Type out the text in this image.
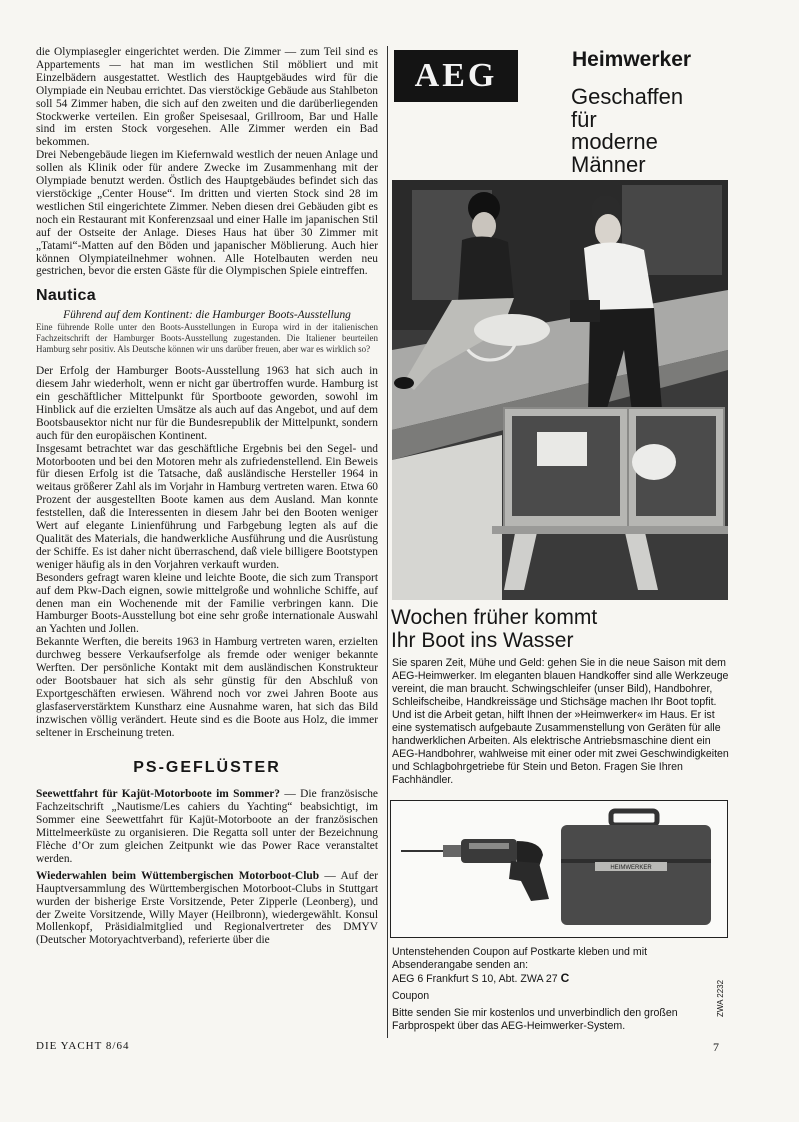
die Olympiasegler eingerichtet werden. Die Zimmer — zum Teil sind es Appartements — hat man im westlichen Stil möbliert und mit Einzelbädern ausgestattet. Westlich des Hauptgebäudes wird für die Olympiade ein Neubau errichtet. Das vierstöckige Gebäude aus Stahlbeton soll 54 Zimmer haben, die sich auf den zweiten und die darüberliegenden Stockwerke verteilen. Ein großer Speisesaal, Grillroom, Bar und Halle sind im ersten Stock vorgesehen. Alle Zimmer werden ein Bad bekommen.

Drei Nebengebäude liegen im Kiefernwald westlich der neuen Anlage und sollen als Klinik oder für andere Zwecke im Zusammenhang mit der Olympiade benutzt werden. Östlich des Hauptgebäudes befindet sich das vierstöckige „Center House“. Im dritten und vierten Stock sind 28 im westlichen Stil eingerichtete Zimmer. Neben diesen drei Gebäuden gibt es noch ein Restaurant mit Konferenzsaal und einer Halle im japanischen Stil auf der Ostseite der Anlage. Dieses Haus hat über 30 Zimmer mit „Tatami“-Matten auf den Böden und japanischer Möblierung. Auch hier können Olympiateilnehmer wohnen. Alle Hotelbauten werden neu gestrichen, bevor die ersten Gäste für die Olympischen Spiele eintreffen.

Nautica

Führend auf dem Kontinent: die Hamburger Boots-Ausstellung

Eine führende Rolle unter den Boots-Ausstellungen in Europa wird in der italienischen Fachzeitschrift der Hamburger Boots-Ausstellung zugestanden. Die Italiener beurteilen Hamburg sehr positiv. Als Deutsche können wir uns darüber freuen, aber war es wirklich so?

Der Erfolg der Hamburger Boots-Ausstellung 1963 hat sich auch in diesem Jahr wiederholt, wenn er nicht gar übertroffen wurde. Hamburg ist ein geschäftlicher Mittelpunkt für Sportboote geworden, sowohl im Hinblick auf die erzielten Umsätze als auch auf das Angebot, und auf dem Bootsbausektor nicht nur für die Bundesrepublik der Mittelpunkt, sondern auch für den europäischen Kontinent.

Insgesamt betrachtet war das geschäftliche Ergebnis bei den Segel- und Motorbooten und bei den Motoren mehr als zufriedenstellend. Ein Beweis für diesen Erfolg ist die Tatsache, daß ausländische Hersteller 1964 in weitaus größerer Zahl als im Vorjahr in Hamburg vertreten waren. Etwa 60 Prozent der ausgestellten Boote kamen aus dem Ausland. Man konnte feststellen, daß die Interessenten in diesem Jahr bei den Booten weniger Wert auf elegante Linienführung und Farbgebung legten als auf die Qualität des Materials, die handwerkliche Ausführung und die Ausrüstung der Schiffe. Es ist daher nicht überraschend, daß viele billigere Bootstypen weniger häufig als in den Vorjahren verkauft wurden.

Besonders gefragt waren kleine und leichte Boote, die sich zum Transport auf dem Pkw-Dach eignen, sowie mittelgroße und wohnliche Schiffe, auf denen man ein Wochenende mit der Familie verbringen kann. Die Hamburger Boots-Ausstellung bot eine sehr große internationale Auswahl an Yachten und Jollen.

Bekannte Werften, die bereits 1963 in Hamburg vertreten waren, erzielten durchweg bessere Verkaufserfolge als fremde oder weniger bekannte Werften. Der persönliche Kontakt mit dem ausländischen Konstrukteur oder Bootsbauer hat sich als sehr günstig für den Abschluß von Exportgeschäften erwiesen. Während noch vor zwei Jahren Boote aus glasfaserverstärktem Kunstharz eine Ausnahme waren, hat sich das Bild inzwischen völlig verändert. Heute sind es die Boote aus Holz, die immer seltener in Erscheinung treten.

PS-GEFLÜSTER

Seewettfahrt für Kajüt-Motorboote im Sommer? — Die französische Fachzeitschrift „Nautisme/Les cahiers du Yachting“ beabsichtigt, im Sommer eine Seewettfahrt für Kajüt-Motorboote an der französischen Mittelmeerküste zu organisieren. Die Regatta soll unter der Bezeichnung Flèche d’Or zum gleichen Zeitpunkt wie das Power Race veranstaltet werden.

Wiederwahlen beim Wüttembergischen Motorboot-Club — Auf der Hauptversammlung des Württembergischen Motorboot-Clubs in Stuttgart wurden der bisherige Erste Vorsitzende, Peter Zipperle (Leonberg), und der Zweite Vorsitzende, Willy Mayer (Heilbronn), wiedergewählt. Konsul Mollenkopf, Präsidialmitglied und Regionalvertreter des DMYV (Deutscher Motoryachtverband), referierte über die

DIE YACHT 8/64	7
AEG	Heimwerker
Geschaffen
für
moderne
Männer
Wochen früher kommt
Ihr Boot ins Wasser
Sie sparen Zeit, Mühe und Geld: gehen Sie in die neue Saison mit dem AEG-Heimwerker. Im eleganten blauen Handkoffer sind alle Werkzeuge vereint, die man braucht. Schwingschleifer (unser Bild), Handbohrer, Schleifscheibe, Handkreissäge und Stichsäge machen Ihr Boot topfit. Und ist die Arbeit getan, hilft Ihnen der »Heimwerker« im Haus. Er ist eine systematisch aufgebaute Zusammenstellung von Geräten für alle handwerklichen Arbeiten. Als elektrische Antriebsmaschine dient ein AEG-Handbohrer, wahlweise mit einer oder mit zwei Geschwindigkeiten und Schlagbohrgetriebe für Stein und Beton. Fragen Sie Ihren Fachhändler.
HEIMWERKER
Untenstehenden Coupon auf Postkarte kleben und mit Absenderangabe senden an:
AEG 6 Frankfurt S 10, Abt. ZWA 27 C
Coupon
Bitte senden Sie mir kostenlos und unverbindlich den großen Farbprospekt über das AEG-Heimwerker-System.
ZWA 2232
